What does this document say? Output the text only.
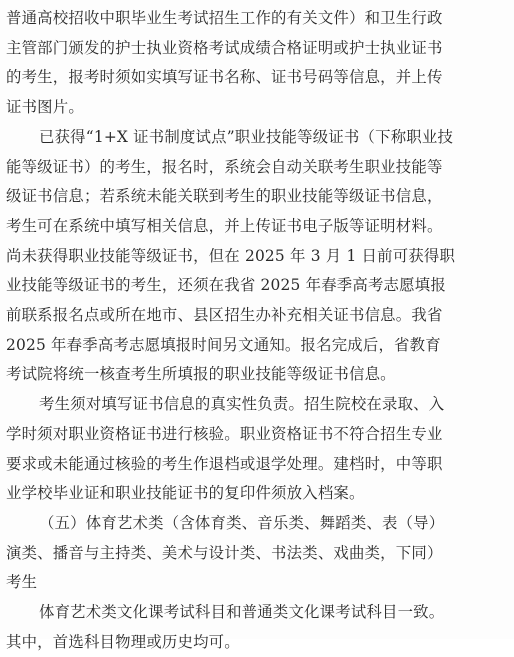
普通高校招收中职毕业生考试招生工作的有关文件）和卫生行政
主管部门颁发的护士执业资格考试成绩合格证明或护士执业证书
的考生，报考时须如实填写证书名称、证书号码等信息，并上传
证书图片。
已获得“1+X 证书制度试点”职业技能等级证书（下称职业技
能等级证书）的考生，报名时，系统会自动关联考生职业技能等
级证书信息；若系统未能关联到考生的职业技能等级证书信息，
考生可在系统中填写相关信息，并上传证书电子版等证明材料。
尚未获得职业技能等级证书，但在 2025 年 3 月 1 日前可获得职
业技能等级证书的考生，还须在我省 2025 年春季高考志愿填报
前联系报名点或所在地市、县区招生办补充相关证书信息。我省
2025 年春季高考志愿填报时间另文通知。报名完成后，省教育
考试院将统一核查考生所填报的职业技能等级证书信息。
考生须对填写证书信息的真实性负责。招生院校在录取、入
学时须对职业资格证书进行核验。职业资格证书不符合招生专业
要求或未能通过核验的考生作退档或退学处理。建档时，中等职
业学校毕业证和职业技能证书的复印件须放入档案。
（五）体育艺术类（含体育类、音乐类、舞蹈类、表（导）
演类、播音与主持类、美术与设计类、书法类、戏曲类，下同）
考生
体育艺术类文化课考试科目和普通类文化课考试科目一致。
其中，首选科目物理或历史均可。
